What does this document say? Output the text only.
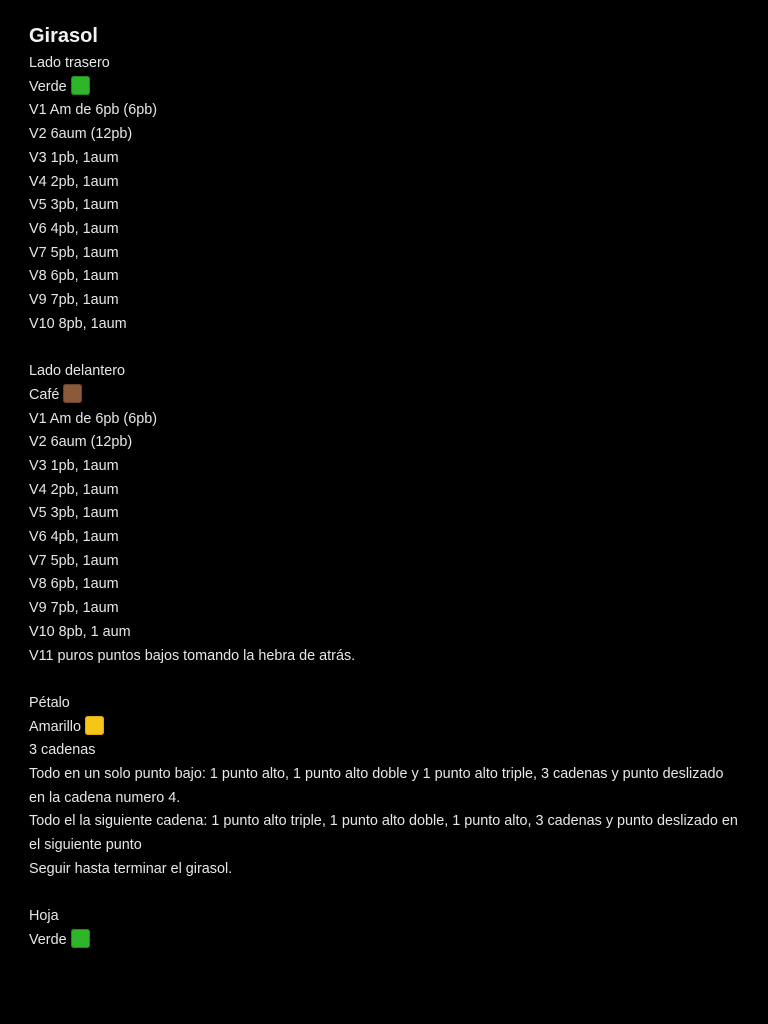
Girasol
Lado trasero
Verde
V1 Am de 6pb (6pb)
V2 6aum (12pb)
V3 1pb, 1aum
V4 2pb, 1aum
V5 3pb, 1aum
V6 4pb, 1aum
V7 5pb, 1aum
V8 6pb, 1aum
V9 7pb, 1aum
V10 8pb, 1aum
Lado delantero
Café
V1 Am de 6pb (6pb)
V2 6aum (12pb)
V3 1pb, 1aum
V4 2pb, 1aum
V5 3pb, 1aum
V6 4pb, 1aum
V7 5pb, 1aum
V8 6pb, 1aum
V9 7pb, 1aum
V10 8pb, 1 aum
V11 puros puntos bajos tomando la hebra de atrás.
Pétalo
Amarillo
3 cadenas
Todo en un solo punto bajo: 1 punto alto, 1 punto alto doble y 1 punto alto triple, 3 cadenas y punto deslizado en la cadena numero 4.
Todo el la siguiente cadena: 1 punto alto triple, 1 punto alto doble, 1 punto alto, 3 cadenas y punto deslizado en el siguiente punto
Seguir hasta terminar el girasol.
Hoja
Verde
